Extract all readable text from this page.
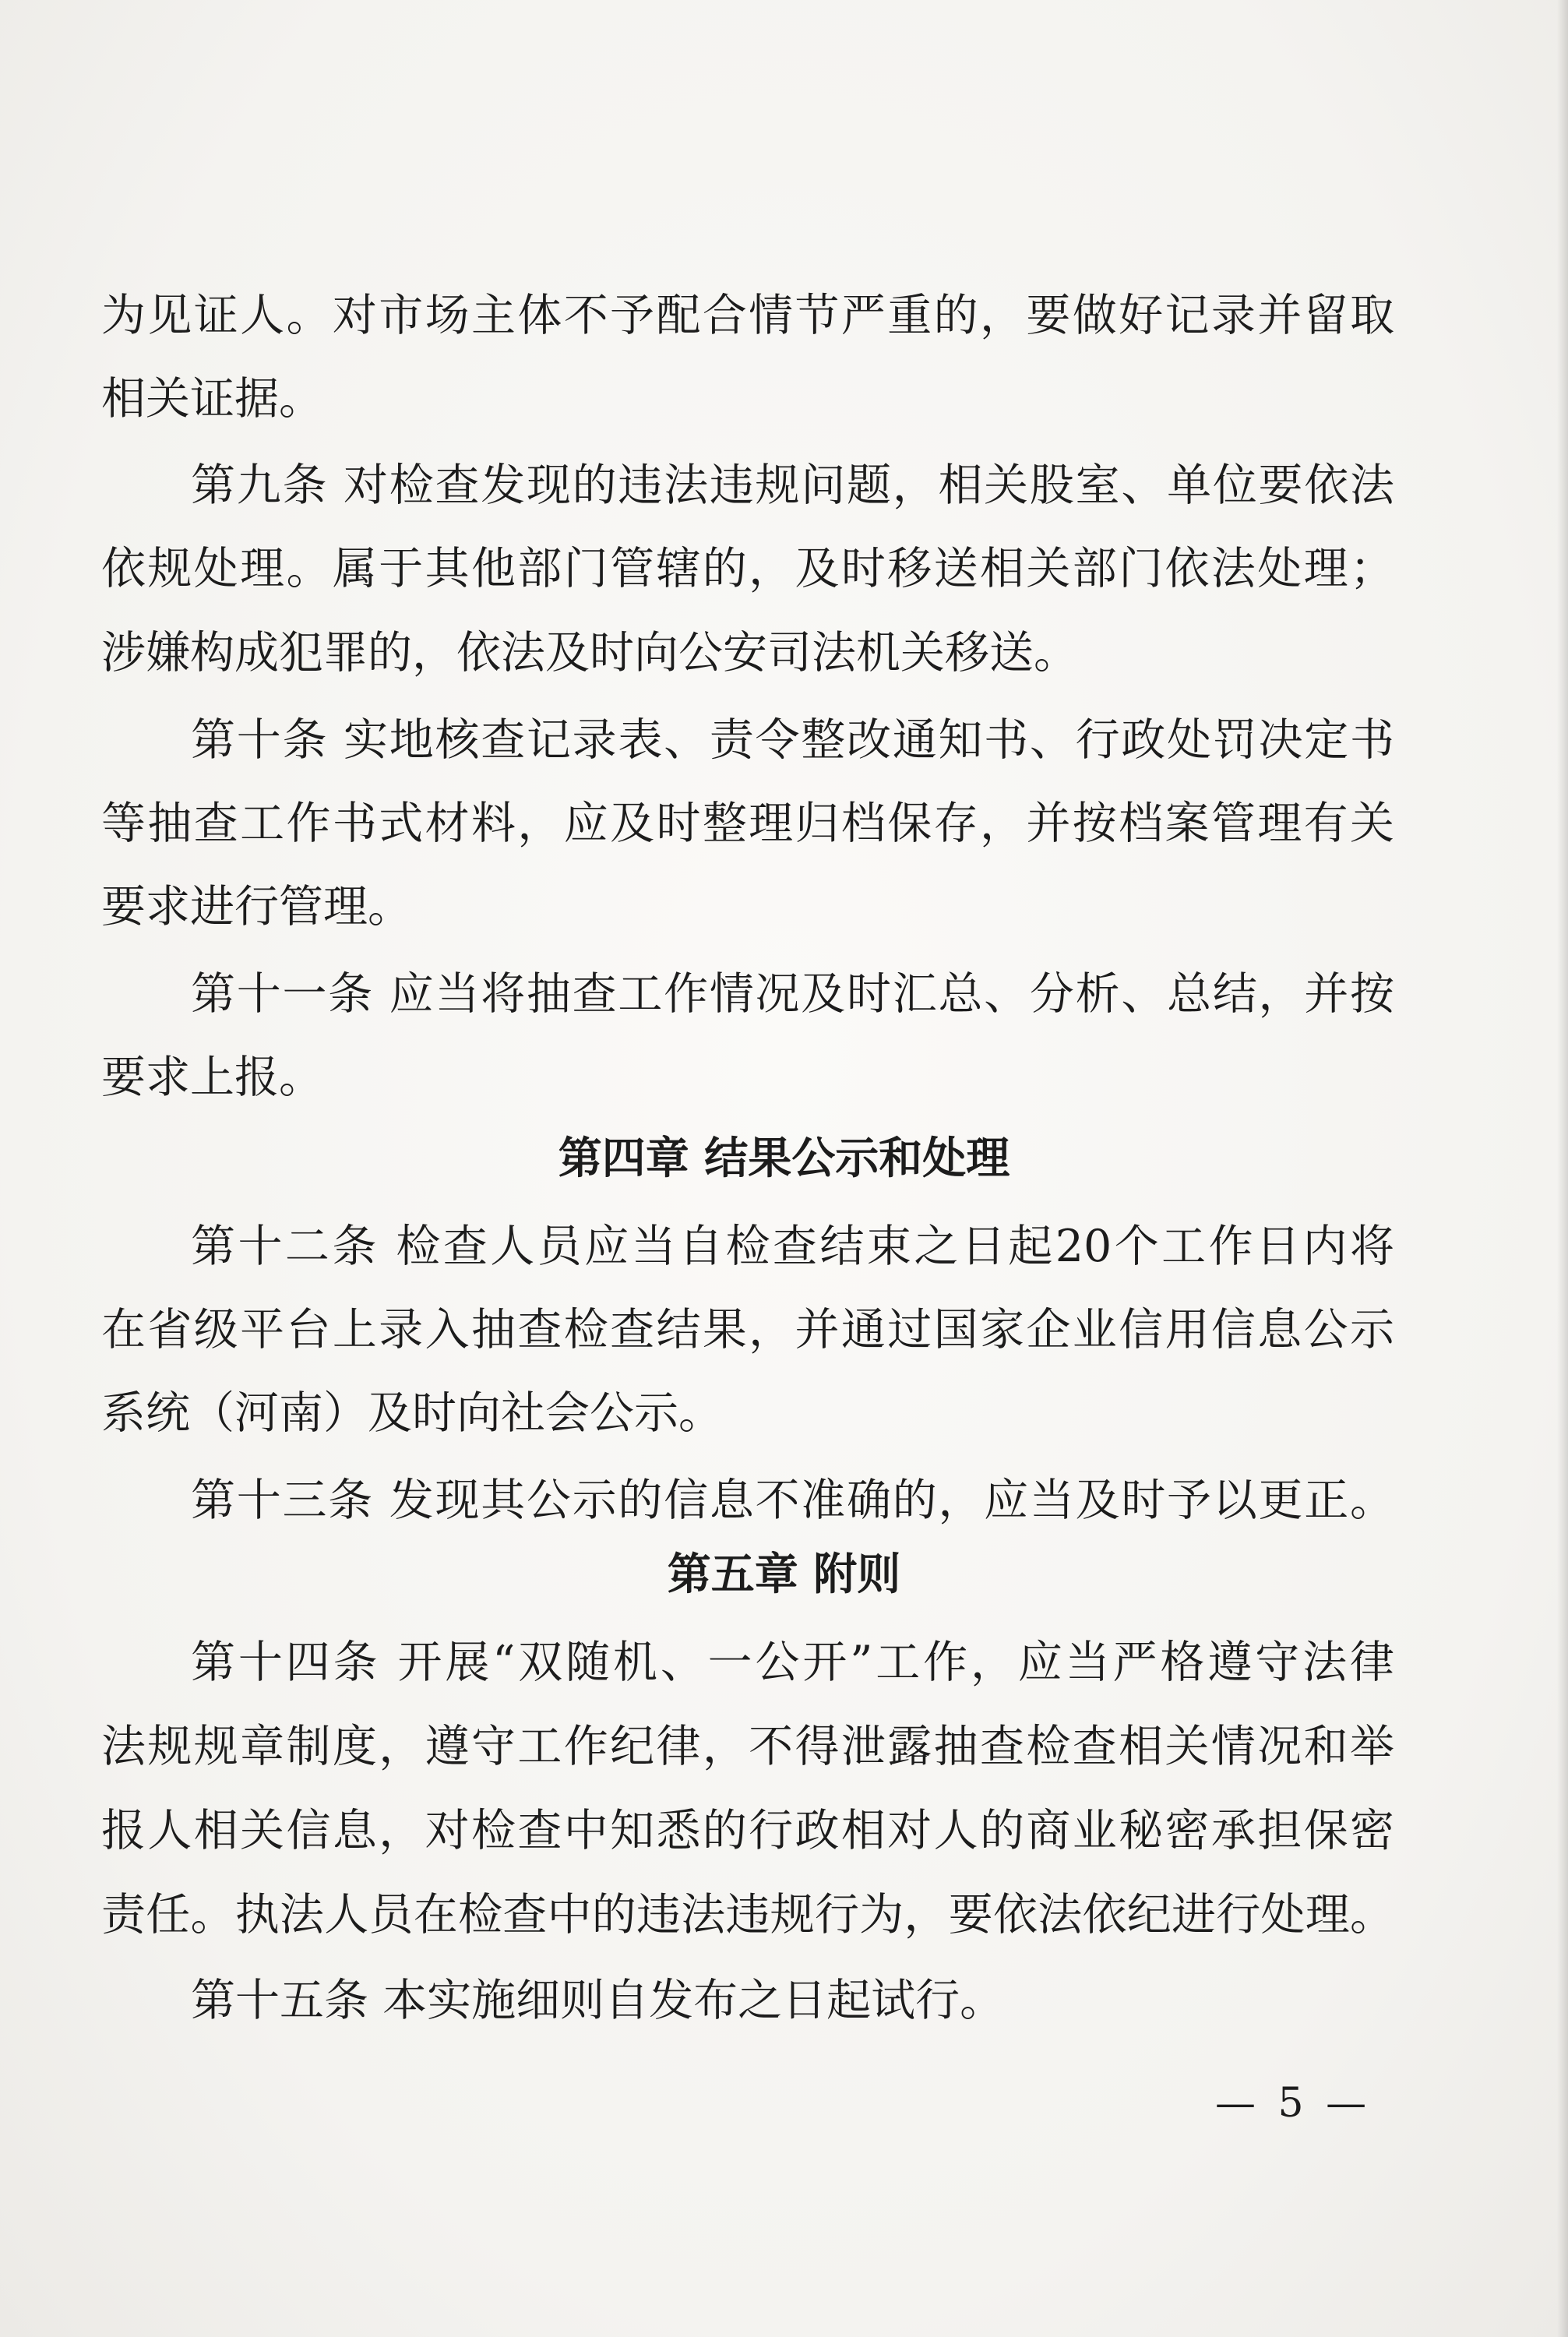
为见证人。对市场主体不予配合情节严重的，要做好记录并留取
相关证据。
第九条 对检查发现的违法违规问题，相关股室、单位要依法
依规处理。属于其他部门管辖的，及时移送相关部门依法处理；
涉嫌构成犯罪的，依法及时向公安司法机关移送。
第十条 实地核查记录表、责令整改通知书、行政处罚决定书
等抽查工作书式材料，应及时整理归档保存，并按档案管理有关
要求进行管理。
第十一条 应当将抽查工作情况及时汇总、分析、总结，并按
要求上报。
第四章 结果公示和处理
第十二条 检查人员应当自检查结束之日起20个工作日内将
在省级平台上录入抽查检查结果，并通过国家企业信用信息公示
系统（河南）及时向社会公示。
第十三条 发现其公示的信息不准确的，应当及时予以更正。
第五章 附则
第十四条 开展“双随机、一公开”工作，应当严格遵守法律
法规规章制度，遵守工作纪律，不得泄露抽查检查相关情况和举
报人相关信息，对检查中知悉的行政相对人的商业秘密承担保密
责任。执法人员在检查中的违法违规行为，要依法依纪进行处理。
第十五条 本实施细则自发布之日起试行。
— 5 —
